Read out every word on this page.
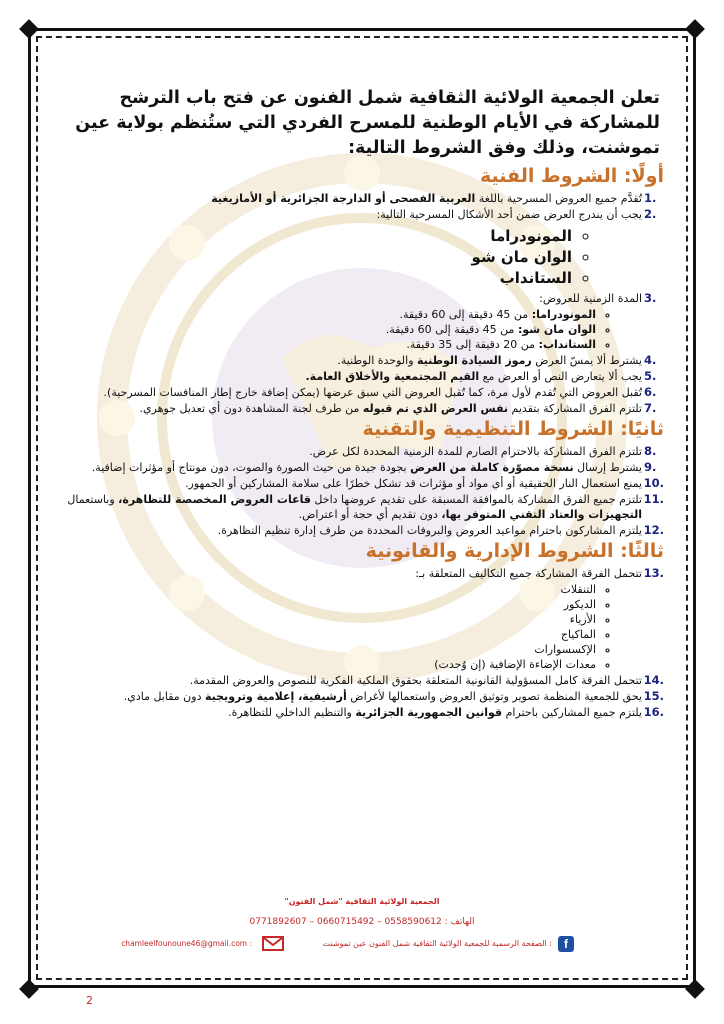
تعلن الجمعية الولائية الثقافية شمل الفنون عن فتح باب الترشح للمشاركة في الأيام الوطنية للمسرح الفردي التي ستُنظم بولاية عين تموشنت، وذلك وفق الشروط التالية:

أولًا: الشروط الفنية
.1
تُقدَّم جميع العروض المسرحية باللغة العربية الفصحى أو الدارجة الجزائرية أو الأمازيغية
.2
يجب أن يندرج العرض ضمن أحد الأشكال المسرحية التالية:
◦ المونودراما
◦ الوان مان شو
◦ الستانداب
.3
المدة الزمنية للعروض:
◦ المونودراما: من 45 دقيقة إلى 60 دقيقة.
◦ الوان مان شو: من 45 دقيقة إلى 60 دقيقة.
◦ الستانداب: من 20 دقيقة إلى 35 دقيقة.
.4
يشترط ألا يمسّ العرض رموز السيادة الوطنية والوحدة الوطنية.
.5
يجب ألا يتعارض النص أو العرض مع القيم المجتمعية والأخلاق العامة.
.6
تُقبل العروض التي تُقدم لأول مرة، كما تُقبل العروض التي سبق عرضها (يمكن إضافة خارج إطار المنافسات المسرحية).
.7
تلتزم الفرق المشاركة بتقديم نفس العرض الذي تم قبوله من طرف لجنة المشاهدة دون أي تعديل جوهري.
ثانيًا: الشروط التنظيمية والتقنية
.8
تلتزم الفرق المشاركة بالاحترام الصارم للمدة الزمنية المحددة لكل عرض.
.9
يشترط إرسال نسخة مصوّرة كاملة من العرض بجودة جيدة من حيث الصورة والصوت، دون مونتاج أو مؤثرات إضافية.
.10
يمنع استعمال النار الحقيقية أو أي مواد أو مؤثرات قد تشكل خطرًا على سلامة المشاركين أو الجمهور.
.11
تلتزم جميع الفرق المشاركة بالموافقة المسبقة على تقديم عروضها داخل قاعات العروض المخصصة للتظاهرة، وباستعمال التجهيزات والعتاد التقني المتوفر بها، دون تقديم أي حجة أو اعتراض.
.12
يلتزم المشاركون باحترام مواعيد العروض والبروفات المحددة من طرف إدارة تنظيم التظاهرة.
ثالثًا: الشروط الإدارية والقانونية
.13
تتحمل الفرقة المشاركة جميع التكاليف المتعلقة بـ:
◦ التنقلات
◦ الديكور
◦ الأزياء
◦ الماكياج
◦ الإكسسوارات
◦ معدات الإضاءة الإضافية (إن وُجدت)
.14
تتحمل الفرقة كامل المسؤولية القانونية المتعلقة بحقوق الملكية الفكرية للنصوص والعروض المقدمة.
.15
يحق للجمعية المنظمة تصوير وتوثيق العروض واستعمالها لأغراض أرشيفية، إعلامية وترويجية دون مقابل مادي.
.16
يلتزم جميع المشاركين باحترام قوانين الجمهورية الجزائرية والتنظيم الداخلي للتظاهرة.
الجمعية الولائية الثقافية "شمل الفنون"
الهاتف : 0558590612 – 0660715492 – 0771892607
f
: الصفحة الرسمية للجمعية الولائية الثقافية شمل الفنون عين تموشنت
chamleelfounoune46@gmail.com :
2
